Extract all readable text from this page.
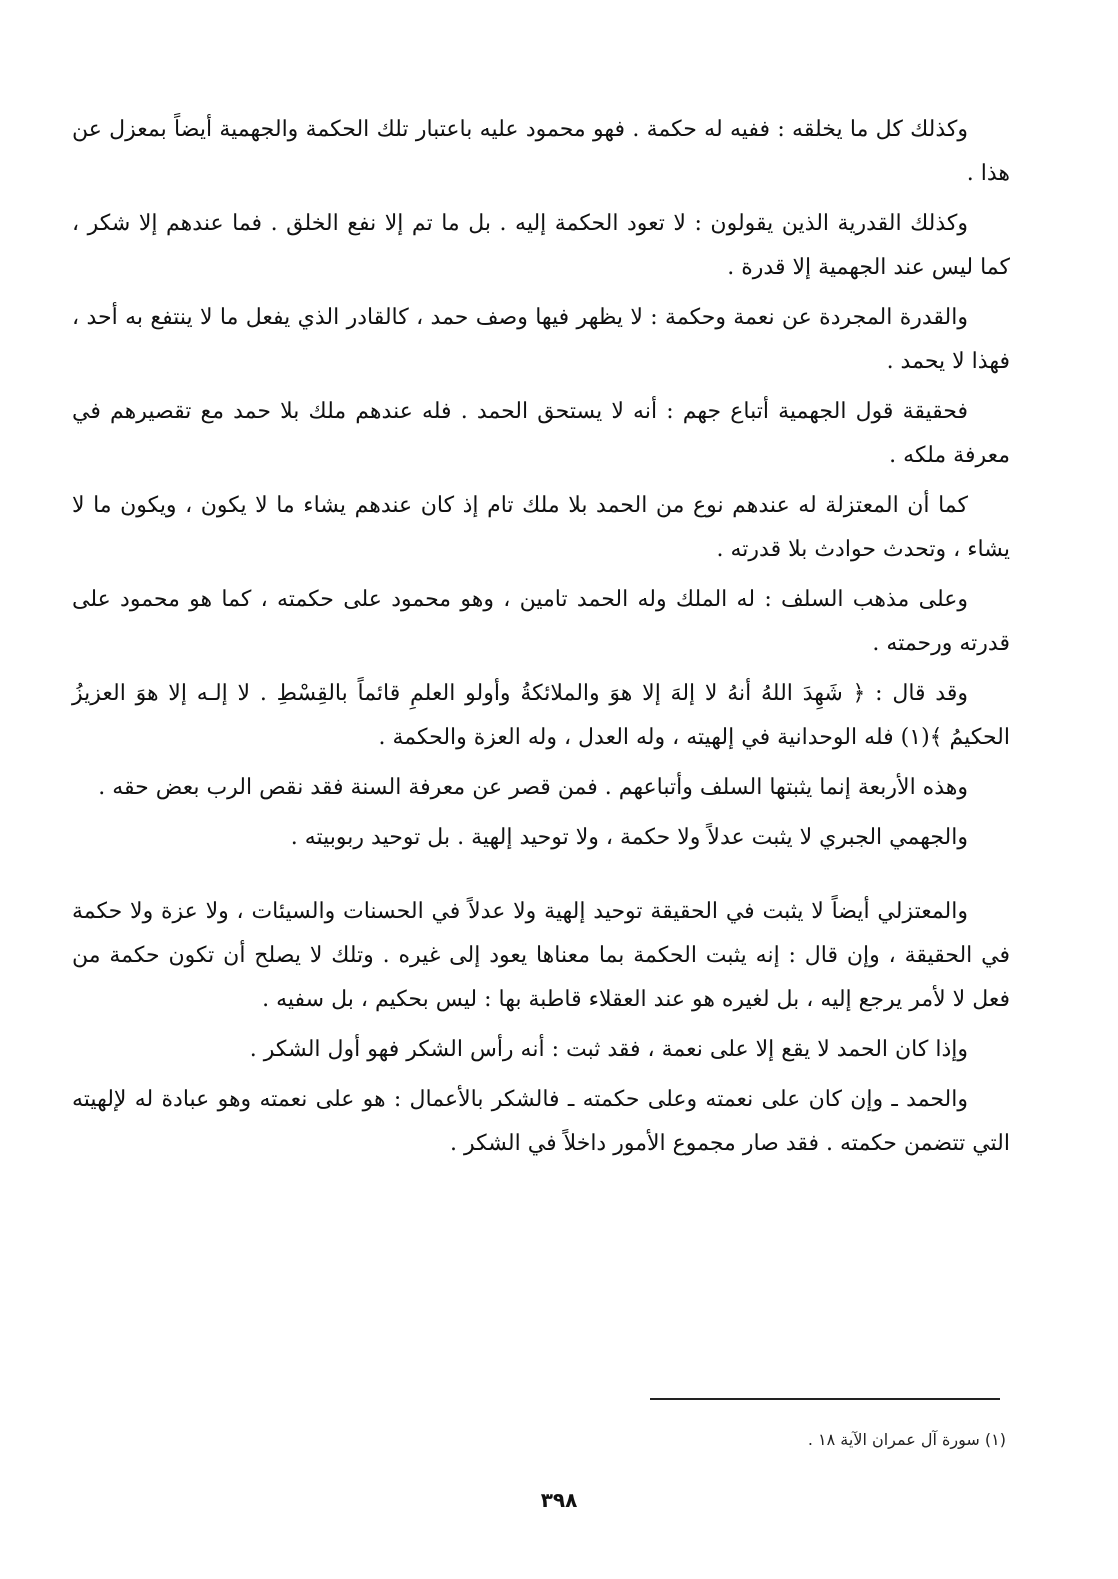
وكذلك كل ما يخلقه : ففيه له حكمة . فهو محمود عليه باعتبار تلك الحكمة والجهمية أيضاً بمعزل عن هذا .

وكذلك القدرية الذين يقولون : لا تعود الحكمة إليه . بل ما تم إلا نفع الخلق . فما عندهم إلا شكر ، كما ليس عند الجهمية إلا قدرة .

والقدرة المجردة عن نعمة وحكمة : لا يظهر فيها وصف حمد ، كالقادر الذي يفعل ما لا ينتفع به أحد ، فهذا لا يحمد .

فحقيقة قول الجهمية أتباع جهم : أنه لا يستحق الحمد . فله عندهم ملك بلا حمد مع تقصيرهم في معرفة ملكه .

كما أن المعتزلة له عندهم نوع من الحمد بلا ملك تام إذ كان عندهم يشاء ما لا يكون ، ويكون ما لا يشاء ، وتحدث حوادث بلا قدرته .

وعلى مذهب السلف : له الملك وله الحمد تامين ، وهو محمود على حكمته ، كما هو محمود على قدرته ورحمته .

وقد قال : ﴿ شَهِدَ اللهُ أنهُ لا إلهَ إلا هوَ والملائكةُ وأولو العلمِ قائماً بالقِسْطِ . لا إلـه إلا هوَ العزيزُ الحكيمُ ﴾(١) فله الوحدانية في إلهيته ، وله العدل ، وله العزة والحكمة .

وهذه الأربعة إنما يثبتها السلف وأتباعهم . فمن قصر عن معرفة السنة فقد نقص الرب بعض حقه .

والجهمي الجبري لا يثبت عدلاً ولا حكمة ، ولا توحيد إلهية . بل توحيد ربوبيته .

والمعتزلي أيضاً لا يثبت في الحقيقة توحيد إلهية ولا عدلاً في الحسنات والسيئات ، ولا عزة ولا حكمة في الحقيقة ، وإن قال : إنه يثبت الحكمة بما معناها يعود إلى غيره . وتلك لا يصلح أن تكون حكمة من فعل لا لأمر يرجع إليه ، بل لغيره هو عند العقلاء قاطبة بها : ليس بحكيم ، بل سفيه .

وإذا كان الحمد لا يقع إلا على نعمة ، فقد ثبت : أنه رأس الشكر فهو أول الشكر .

والحمد ـ وإن كان على نعمته وعلى حكمته ـ فالشكر بالأعمال : هو على نعمته وهو عبادة له لإلهيته التي تتضمن حكمته . فقد صار مجموع الأمور داخلاً في الشكر .

(١) سورة آل عمران الآية ١٨ .
٣٩٨
